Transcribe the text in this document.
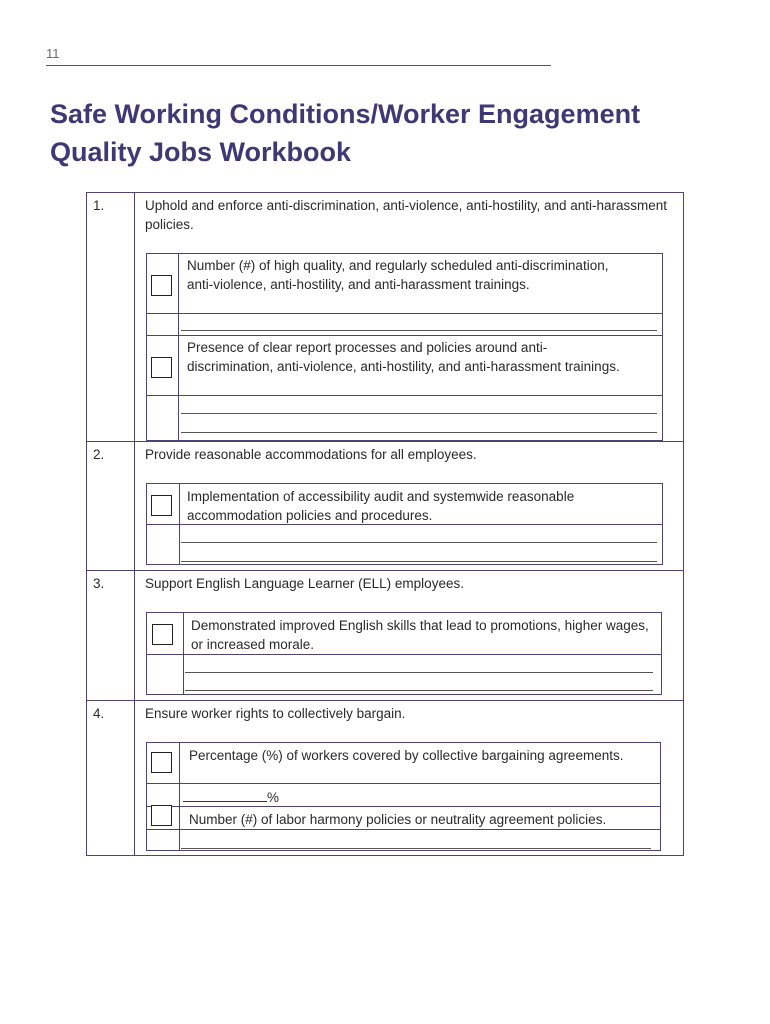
11
Safe Working Conditions/Worker Engagement
Quality Jobs Workbook
1.	Uphold and enforce anti-discrimination, anti-violence, anti-hostility, and anti-harassment policies.
Number (#) of high quality, and regularly scheduled anti-discrimination, anti-violence, anti-hostility, and anti-harassment trainings.
Presence of clear report processes and policies around anti-discrimination, anti-violence, anti-hostility, and anti-harassment trainings.
2.	Provide reasonable accommodations for all employees.
Implementation of accessibility audit and systemwide reasonable accommodation policies and procedures.
3.	Support English Language Learner (ELL) employees.
Demonstrated improved English skills that lead to promotions, higher wages, or increased morale.
4.	Ensure worker rights to collectively bargain.
Percentage (%) of workers covered by collective bargaining agreements.
%
Number (#) of labor harmony policies or neutrality agreement policies.
